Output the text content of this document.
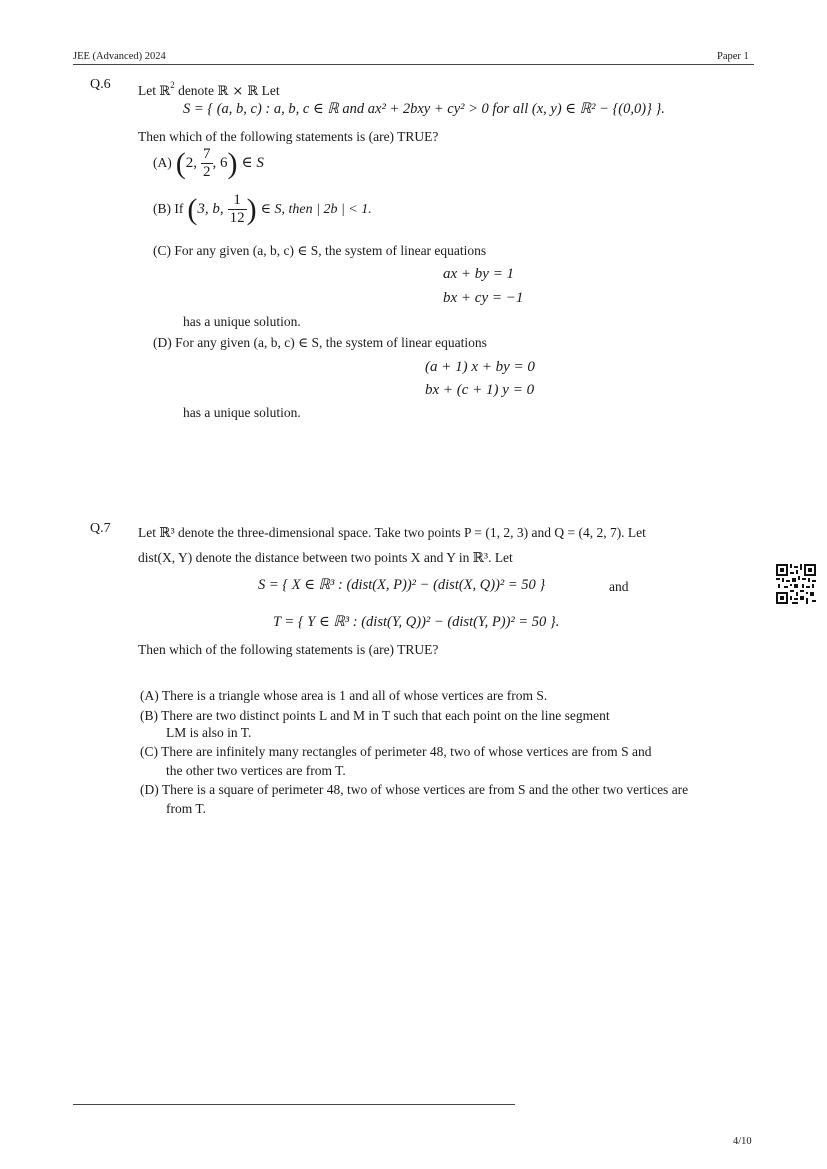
JEE (Advanced) 2024	Paper 1
Q.6 Let ℝ$^2$ denote ℝ × ℝ Let
S = { (a, b, c) : a, b, c ∈ ℝ and ax² + 2bxy + cy² > 0 for all (x, y) ∈ ℝ² − {(0,0)} }.
Then which of the following statements is (are) TRUE?
(A) (2, $\frac{7}{2}$ , 6) ∈ S
(B) If (3, b, $\frac{1}{12}$ ) ∈ S, then | 2b | < 1.
(C) For any given (a, b, c) ∈ S, the system of linear equations
ax + by = 1
bx + cy = −1
has a unique solution.
(D) For any given (a, b, c) ∈ S, the system of linear equations
(a + 1) x + by = 0
bx + (c + 1) y = 0
has a unique solution.
Q.7 Let ℝ³ denote the three-dimensional space. Take two points P = (1, 2, 3) and Q = (4, 2, 7). Let
dist(X, Y) denote the distance between two points X and Y in ℝ³. Let
S = { X ∈ ℝ³ : (dist(X, P))² − (dist(X, Q))² = 50 }	and
T = { Y ∈ ℝ³ : (dist(Y, Q))² − (dist(Y, P))² = 50 }.
Then which of the following statements is (are) TRUE?
(A) There is a triangle whose area is 1 and all of whose vertices are from S.
(B) There are two distinct points L and M in T such that each point on the line segment
LM is also in T.
(C) There are infinitely many rectangles of perimeter 48, two of whose vertices are from S and
the other two vertices are from T.
(D) There is a square of perimeter 48, two of whose vertices are from S and the other two vertices are
from T.
4/10
